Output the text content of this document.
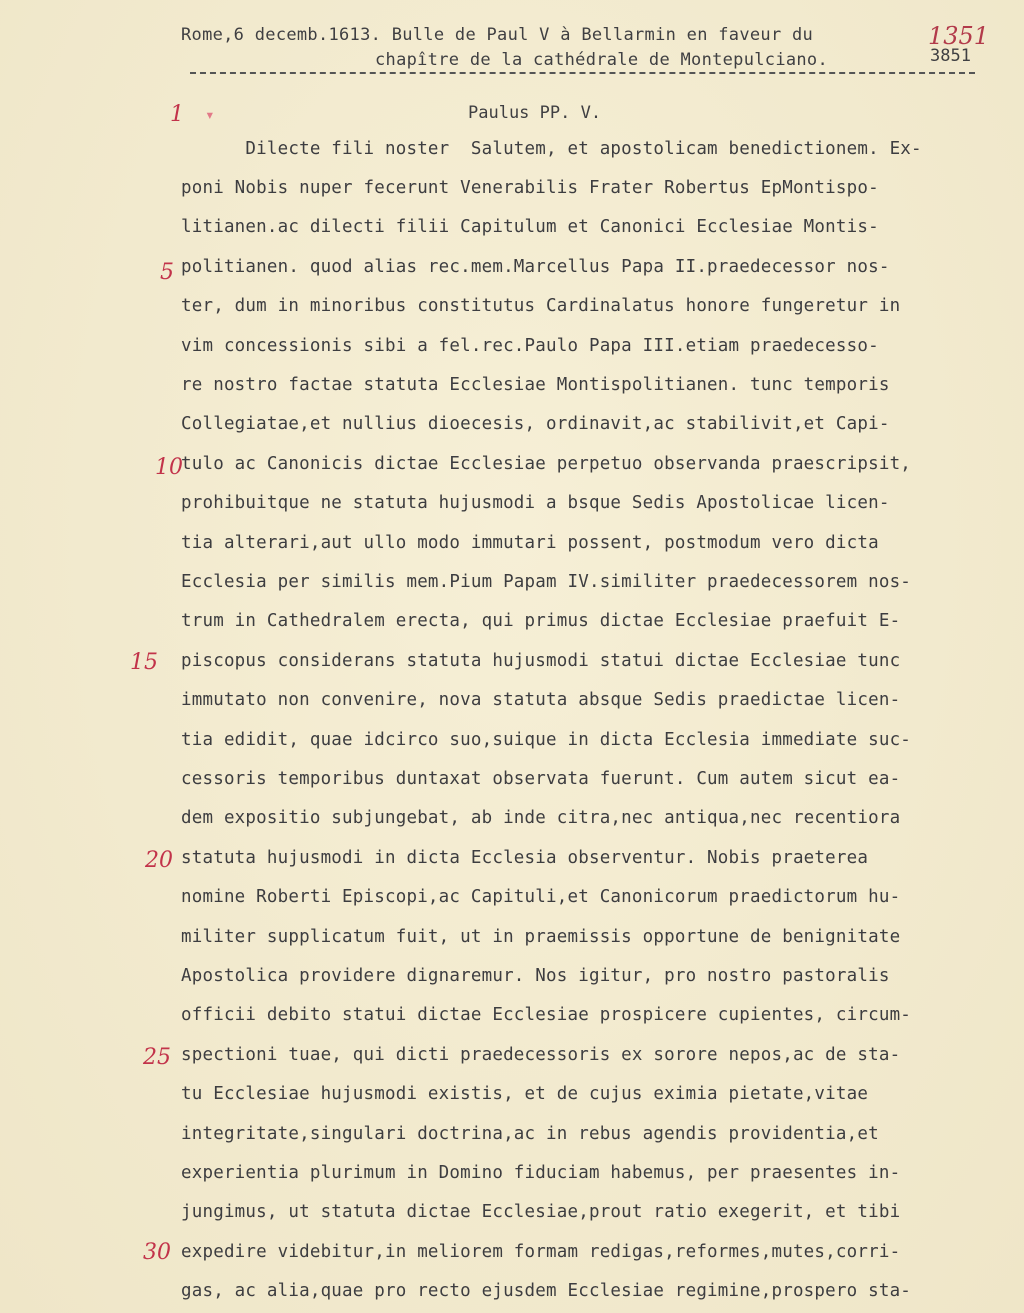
Rome,6 decemb.1613. Bulle de Paul V à Bellarmin en faveur du
chapître de la cathédrale de Montepulciano.
1351
3851
Paulus PP. V.
1 ▾
5
10
15
20
25
30
Dilecte fili noster  Salutem, et apostolicam benedictionem. Ex-
poni Nobis nuper fecerunt Venerabilis Frater Robertus EpMontispo-
litianen.ac dilecti filii Capitulum et Canonici Ecclesiae Montis-
politianen. quod alias rec.mem.Marcellus Papa II.praedecessor nos-
ter, dum in minoribus constitutus Cardinalatus honore fungeretur in
vim concessionis sibi a fel.rec.Paulo Papa III.etiam praedecesso-
re nostro factae statuta Ecclesiae Montispolitianen. tunc temporis
Collegiatae,et nullius dioecesis, ordinavit,ac stabilivit,et Capi-
tulo ac Canonicis dictae Ecclesiae perpetuo observanda praescripsit,
prohibuitque ne statuta hujusmodi a bsque Sedis Apostolicae licen-
tia alterari,aut ullo modo immutari possent, postmodum vero dicta
Ecclesia per similis mem.Pium Papam IV.similiter praedecessorem nos-
trum in Cathedralem erecta, qui primus dictae Ecclesiae praefuit E-
piscopus considerans statuta hujusmodi statui dictae Ecclesiae tunc
immutato non convenire, nova statuta absque Sedis praedictae licen-
tia edidit, quae idcirco suo,suique in dicta Ecclesia immediate suc-
cessoris temporibus duntaxat observata fuerunt. Cum autem sicut ea-
dem expositio subjungebat, ab inde citra,nec antiqua,nec recentiora
statuta hujusmodi in dicta Ecclesia observentur. Nobis praeterea
nomine Roberti Episcopi,ac Capituli,et Canonicorum praedictorum hu-
militer supplicatum fuit, ut in praemissis opportune de benignitate
Apostolica providere dignaremur. Nos igitur, pro nostro pastoralis
officii debito statui dictae Ecclesiae prospicere cupientes, circum-
spectioni tuae, qui dicti praedecessoris ex sorore nepos,ac de sta-
tu Ecclesiae hujusmodi existis, et de cujus eximia pietate,vitae
integritate,singulari doctrina,ac in rebus agendis providentia,et
experientia plurimum in Domino fiduciam habemus, per praesentes in-
jungimus, ut statuta dictae Ecclesiae,prout ratio exegerit, et tibi
expedire videbitur,in meliorem formam redigas,reformes,mutes,corri-
gas, ac alia,quae pro recto ejusdem Ecclesiae regimine,prospero sta-
